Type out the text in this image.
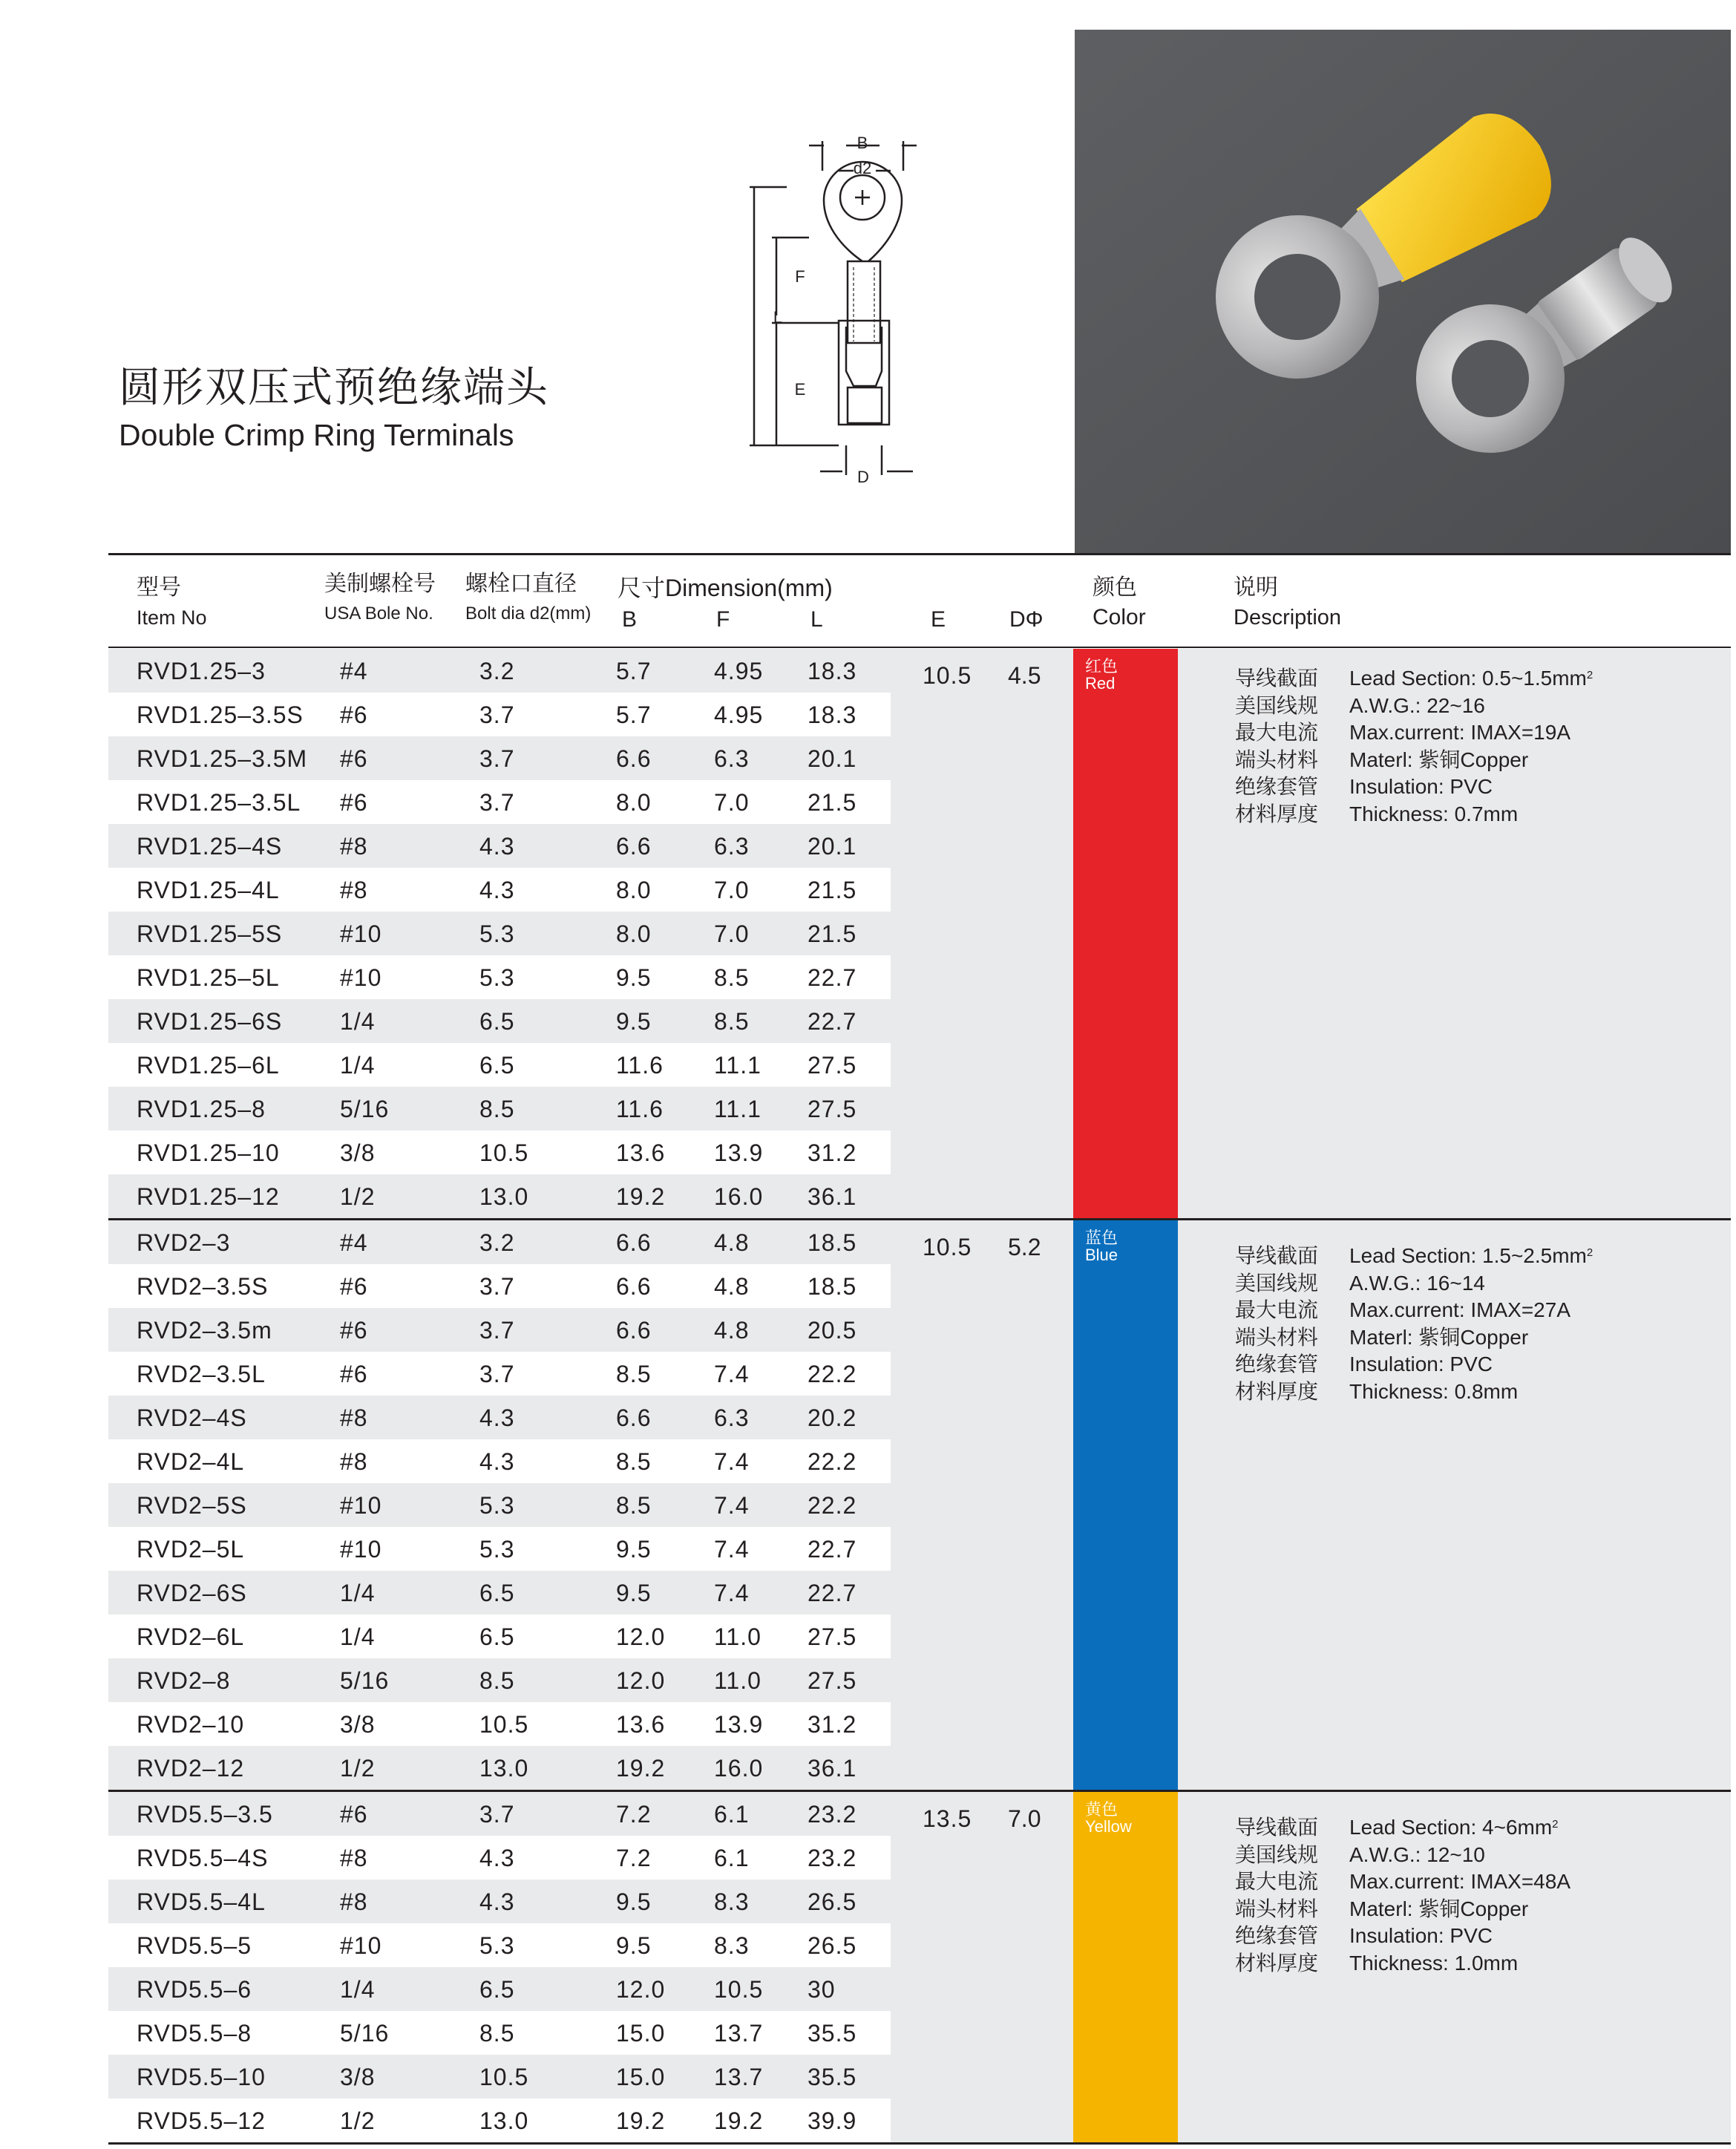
圆形双压式预绝缘端头
Double Crimp Ring Terminals
B
d2
F
L
E
D
型号
Item No
美制螺栓号
USA Bole No.
螺栓口直径
Bolt dia d2(mm)
尺寸Dimension(mm)
B	F	L	E	DΦ
颜色
Color
说明
Description
RVD1.25–3	#4	3.2	5.7	4.95 18.3
RVD1.25–3.5S #6	3.7	5.7	4.95 18.3
RVD1.25–3.5M #6	3.7	6.6	6.3 20.1
RVD1.25–3.5L #6	3.7	8.0	7.0 21.5
RVD1.25–4S #8	4.3	6.6	6.3 20.1
RVD1.25–4L	#8	4.3	8.0	7.0 21.5
RVD1.25–5S #10	5.3	8.0	7.0 21.5
RVD1.25–5L	#10	5.3	9.5	8.5 22.7
RVD1.25–6S 1/4	6.5	9.5	8.5 22.7
RVD1.25–6L	1/4	6.5	11.6 11.1 27.5
RVD1.25–8	5/16	8.5	11.6 11.1 27.5
RVD1.25–10	3/8	10.5	13.6 13.9 31.2
RVD1.25–12	1/2	13.0	19.2 16.0 36.1
10.5 4.5	红色
Red	导线截面 Lead Section: $0.5\sim 1.5mm^2$
美国线规 A.W.G.: 22~16
最大电流 Max.current: IMAX=19A
端头材料 Materl: 紫铜Copper
绝缘套管 Insulation: PVC
材料厚度 Thickness: 0.7mm
RVD2–3	#4	3.2	6.6	4.8 18.5
RVD2–3.5S	#6	3.7	6.6	4.8 18.5
RVD2–3.5m	#6	3.7	6.6	4.8 20.5
RVD2–3.5L	#6	3.7	8.5	7.4 22.2
RVD2–4S	#8	4.3	6.6	6.3 20.2
RVD2–4L	#8	4.3	8.5	7.4 22.2
RVD2–5S	#10	5.3	8.5	7.4 22.2
RVD2–5L	#10	5.3	9.5	7.4 22.7
RVD2–6S	1/4	6.5	9.5	7.4 22.7
RVD2–6L	1/4	6.5	12.0 11.0 27.5
RVD2–8	5/16	8.5	12.0 11.0 27.5
RVD2–10	3/8	10.5	13.6 13.9 31.2
RVD2–12	1/2	13.0	19.2 16.0 36.1
10.5 5.2	蓝色
Blue	导线截面 Lead Section: $1.5\sim 2.5mm^2$
美国线规 A.W.G.: 16~14
最大电流 Max.current: IMAX=27A
端头材料 Materl: 紫铜Copper
绝缘套管 Insulation: PVC
材料厚度 Thickness: 0.8mm
RVD5.5–3.5	#6	3.7	7.2	6.1 23.2
RVD5.5–4S	#8	4.3	7.2	6.1 23.2
RVD5.5–4L	#8	4.3	9.5	8.3 26.5
RVD5.5–5	#10	5.3	9.5	8.3 26.5
RVD5.5–6	1/4	6.5	12.0 10.5 30
RVD5.5–8	5/16	8.5	15.0 13.7 35.5
RVD5.5–10	3/8	10.5	15.0 13.7 35.5
RVD5.5–12	1/2	13.0	19.2 19.2 39.9
13.5 7.0	黄色
Yellow	导线截面 Lead Section: $4\sim 6mm^2$
美国线规 A.W.G.: 12~10
最大电流 Max.current: IMAX=48A
端头材料 Materl: 紫铜Copper
绝缘套管 Insulation: PVC
材料厚度 Thickness: 1.0mm
